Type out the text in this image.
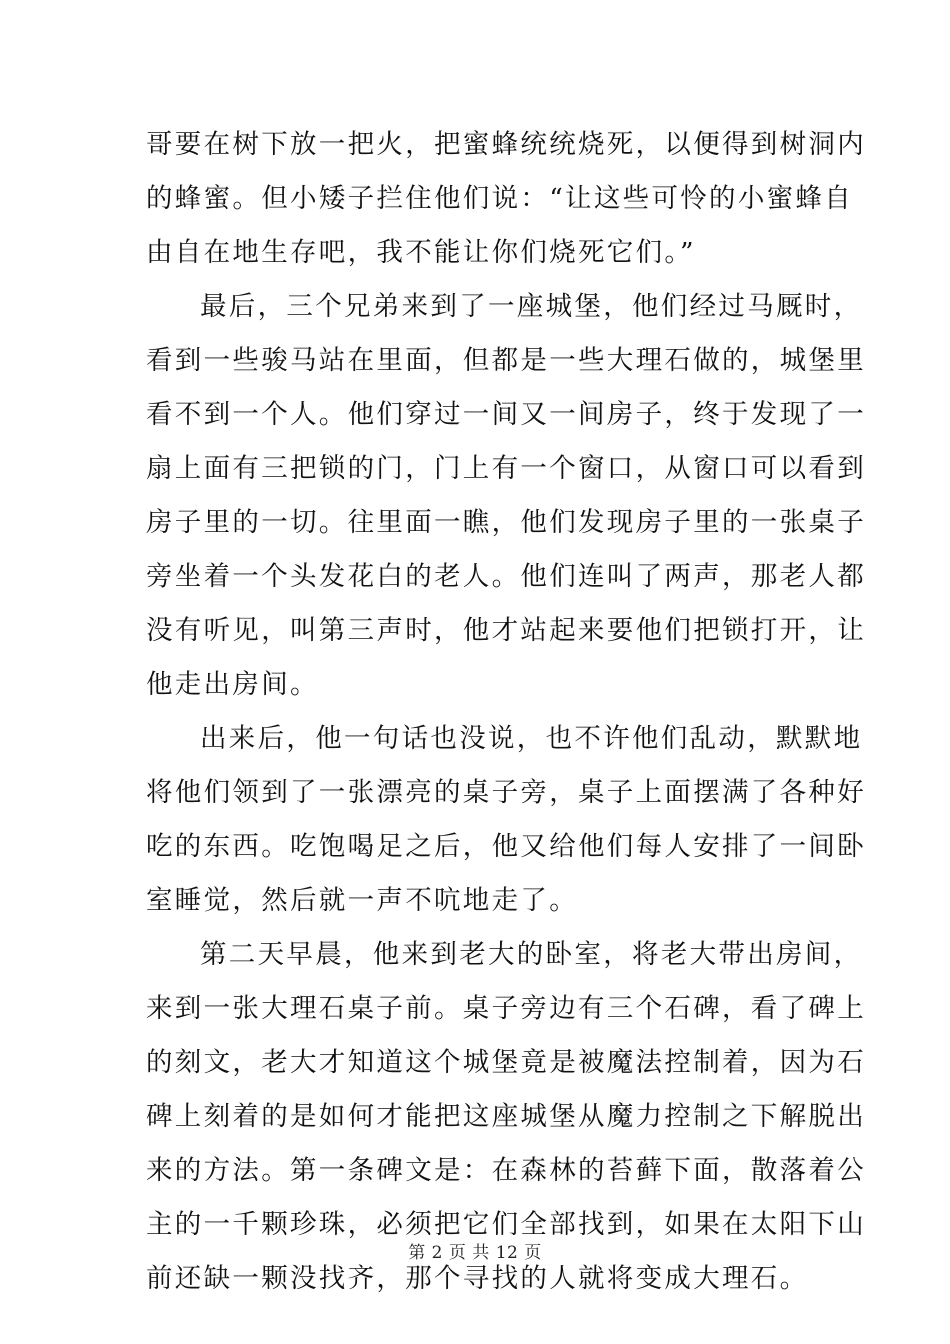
哥要在树下放一把火，把蜜蜂统统烧死，以便得到树洞内
的蜂蜜。但小矮子拦住他们说：“让这些可怜的小蜜蜂自
由自在地生存吧，我不能让你们烧死它们。”
最后，三个兄弟来到了一座城堡，他们经过马厩时，
看到一些骏马站在里面，但都是一些大理石做的，城堡里
看不到一个人。他们穿过一间又一间房子，终于发现了一
扇上面有三把锁的门，门上有一个窗口，从窗口可以看到
房子里的一切。往里面一瞧，他们发现房子里的一张桌子
旁坐着一个头发花白的老人。他们连叫了两声，那老人都
没有听见，叫第三声时，他才站起来要他们把锁打开，让
他走出房间。
出来后，他一句话也没说，也不许他们乱动，默默地
将他们领到了一张漂亮的桌子旁，桌子上面摆满了各种好
吃的东西。吃饱喝足之后，他又给他们每人安排了一间卧
室睡觉，然后就一声不吭地走了。
第二天早晨，他来到老大的卧室，将老大带出房间，
来到一张大理石桌子前。桌子旁边有三个石碑，看了碑上
的刻文，老大才知道这个城堡竟是被魔法控制着，因为石
碑上刻着的是如何才能把这座城堡从魔力控制之下解脱出
来的方法。第一条碑文是：在森林的苔藓下面，散落着公
主的一千颗珍珠，必须把它们全部找到，如果在太阳下山
前还缺一颗没找齐，那个寻找的人就将变成大理石。
第 2 页 共 12 页
